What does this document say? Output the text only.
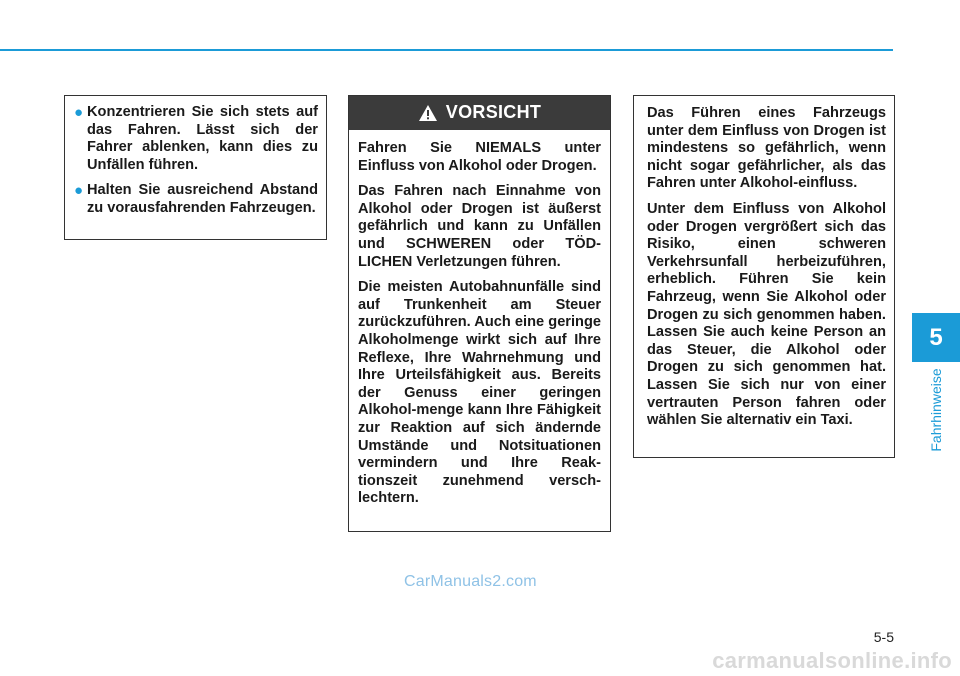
● Konzentrieren Sie sich stets auf das Fahren. Lässt sich der Fahrer ablenken, kann dies zu Unfällen führen.
● Halten Sie ausreichend Abstand zu vorausfahrenden Fahrzeugen.
VORSICHT

Fahren Sie NIEMALS unter Einfluss von Alkohol oder Drogen.

Das Fahren nach Einnahme von Alkohol oder Drogen ist äußerst gefährlich und kann zu Unfällen und SCHWEREN oder TÖD-LICHEN Verletzungen führen.

Die meisten Autobahnunfälle sind auf Trunkenheit am Steuer zurückzuführen. Auch eine geringe Alkoholmenge wirkt sich auf Ihre Reflexe, Ihre Wahrnehmung und Ihre Urteilsfähigkeit aus. Bereits der Genuss einer geringen Alkohol-menge kann Ihre Fähigkeit zur Reaktion auf sich ändernde Umstände und Notsituationen vermindern und Ihre Reak-tionszeit zunehmend versch-lechtern.

Das Führen eines Fahrzeugs unter dem Einfluss von Drogen ist mindestens so gefährlich, wenn nicht sogar gefährlicher, als das Fahren unter Alkohol-einfluss.

Unter dem Einfluss von Alkohol oder Drogen vergrößert sich das Risiko, einen schweren Verkehrsunfall herbeizuführen, erheblich. Führen Sie kein Fahrzeug, wenn Sie Alkohol oder Drogen zu sich genommen haben. Lassen Sie auch keine Person an das Steuer, die Alkohol oder Drogen zu sich genommen hat. Lassen Sie sich nur von einer vertrauten Person fahren oder wählen Sie alternativ ein Taxi.

5
Fahrhinweise
CarManuals2.com
5-5
carmanualsonline.info
